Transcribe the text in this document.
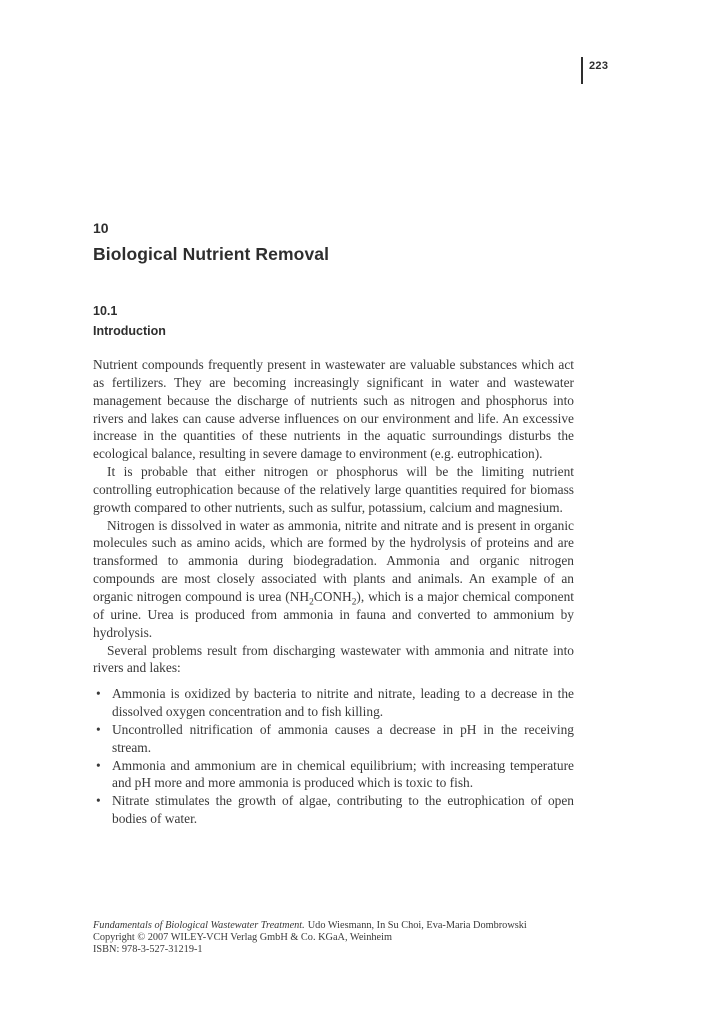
223
10
Biological Nutrient Removal
10.1
Introduction

Nutrient compounds frequently present in wastewater are valuable substances which act as fertilizers. They are becoming increasingly significant in water and wastewater management because the discharge of nutrients such as nitrogen and phosphorus into rivers and lakes can cause adverse influences on our environment and life. An excessive increase in the quantities of these nutrients in the aquatic surroundings disturbs the ecological balance, resulting in severe damage to environment (e.g. eutrophication).

It is probable that either nitrogen or phosphorus will be the limiting nutrient controlling eutrophication because of the relatively large quantities required for biomass growth compared to other nutrients, such as sulfur, potassium, calcium and magnesium.

Nitrogen is dissolved in water as ammonia, nitrite and nitrate and is present in organic molecules such as amino acids, which are formed by the hydrolysis of proteins and are transformed to ammonia during biodegradation. Ammonia and organic nitrogen compounds are most closely associated with plants and animals. An example of an organic nitrogen compound is urea $(NH_2CONH_2)$, which is a major chemical component of urine. Urea is produced from ammonia in fauna and converted to ammonium by hydrolysis.

Several problems result from discharging wastewater with ammonia and nitrate into rivers and lakes:

• Ammonia is oxidized by bacteria to nitrite and nitrate, leading to a decrease in the dissolved oxygen concentration and to fish killing.
• Uncontrolled nitrification of ammonia causes a decrease in pH in the receiving stream.
• Ammonia and ammonium are in chemical equilibrium; with increasing temperature and pH more and more ammonia is produced which is toxic to fish.
• Nitrate stimulates the growth of algae, contributing to the eutrophication of open bodies of water.
Fundamentals of Biological Wastewater Treatment. Udo Wiesmann, In Su Choi, Eva-Maria Dombrowski
Copyright © 2007 WILEY-VCH Verlag GmbH & Co. KGaA, Weinheim
ISBN: 978-3-527-31219-1
